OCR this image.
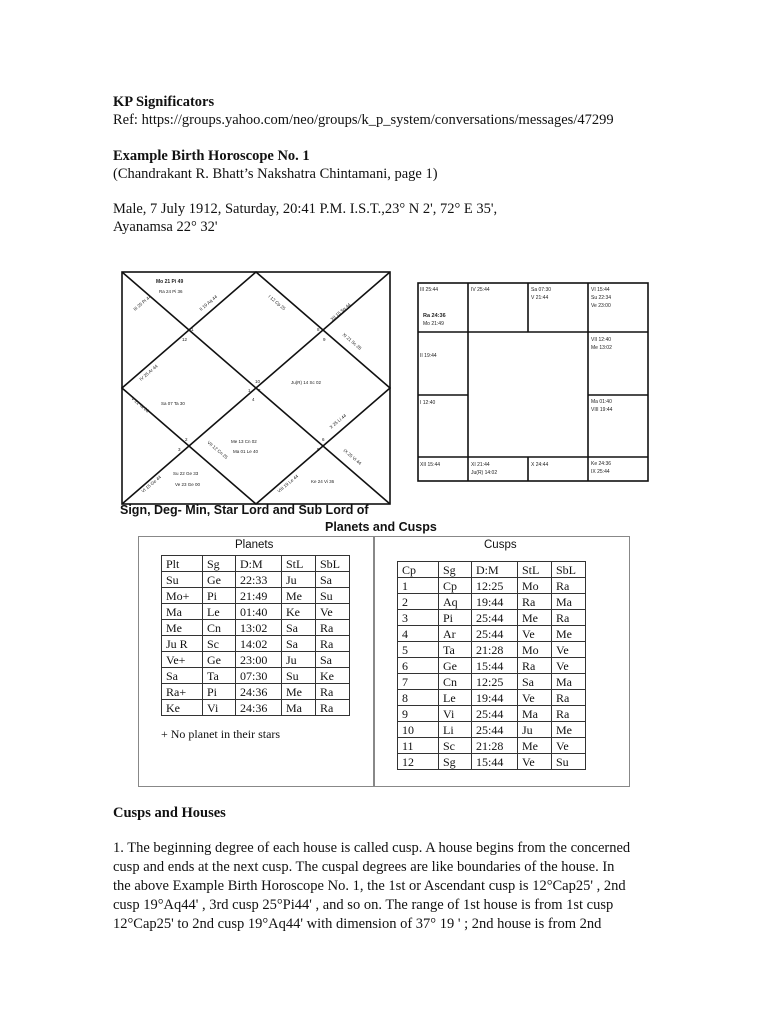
KP Significators
Ref: https://groups.yahoo.com/neo/groups/k_p_system/conversations/messages/47299
Example Birth Horoscope No. 1
(Chandrakant R. Bhatt’s Nakshatra Chintamani, page 1)
Male, 7 July 1912, Saturday, 20:41 P.M. I.S.T.,23° N 2', 72° E 35',
Ayanamsa 22° 32'
Mo 21 Pi 49
Ra 24 Pi 36
III 25 Pi 44	II 19 Aq 44	I 12 Cp 25	XII 15 Sg 44
XI 21 Sc 28
IV 25 Ar 44
Sa 07 Ta 30
Ju(R) 14 Sc 02
X 25 Li 44
V 21 Ta 28
VI 15 Ge 44
Su 22 Ge 33
Ve 23 Ge 00
VII 12 Cn 25 Me 13 Cn 02
Ma 01 Le 40
VIII 19 Le 44
IX 25 Vi 44
Ke 24 Vi 36
10
11
12
1
2
3
4
5
6
7
8
9
III 25:44	IV 25:44	Sa 07:30
V 21:44
VI 15:44
Su 22:34
Ve 23:00
Ra 24:36
Mo 21:49
VII 12:40
Me 13:02
II 19:44
I 12:40	Ma 01:40
VIII 19:44
XII 15:44	XI 21:44
Ju(R) 14:02
X 24:44	Ke 24:36
IX 25:44
Sign, Deg- Min, Star Lord and Sub Lord of
Planets and Cusps
Planets
Plt	Sg	D:M	StL	SbL
Su	Ge	22:33	Ju	Sa
Mo+	Pi	21:49	Me	Su
Ma	Le	01:40	Ke	Ve
Me	Cn	13:02	Sa	Ra
Ju R	Sc	14:02	Sa	Ra
Ve+	Ge	23:00	Ju	Sa
Sa	Ta	07:30	Su	Ke
Ra+	Pi	24:36	Me	Ra
Ke	Vi	24:36	Ma	Ra
+ No planet in their stars
Cusps
Cp	Sg	D:M	StL	SbL
1	Cp	12:25	Mo	Ra
2	Aq	19:44	Ra	Ma
3	Pi	25:44	Me	Ra
4	Ar	25:44	Ve	Me
5	Ta	21:28	Mo	Ve
6	Ge	15:44	Ra	Ve
7	Cn	12:25	Sa	Ma
8	Le	19:44	Ve	Ra
9	Vi	25:44	Ma	Ra
10	Li	25:44	Ju	Me
11	Sc	21:28	Me	Ve
12	Sg	15:44	Ve	Su
Cusps and Houses
1. The beginning degree of each house is called cusp. A house begins from the concerned
cusp and ends at the next cusp. The cuspal degrees are like boundaries of the house. In
the above Example Birth Horoscope No. 1, the 1st or Ascendant cusp is 12°Cap25' , 2nd
cusp 19°Aq44' , 3rd cusp 25°Pi44' , and so on. The range of 1st house is from 1st cusp
12°Cap25' to 2nd cusp 19°Aq44' with dimension of 37° 19 ' ; 2nd house is from 2nd
